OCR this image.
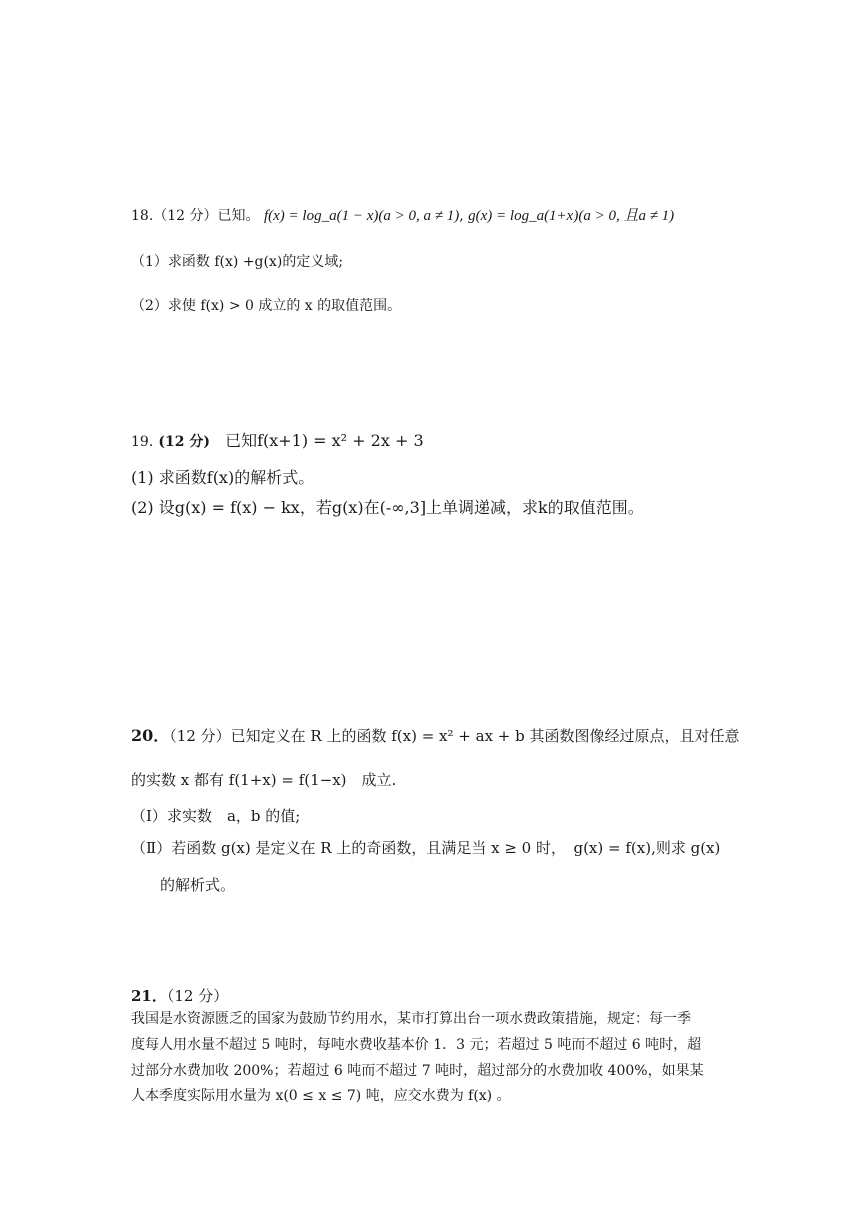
18.（12 分）已知。 f(x) = log_a(1 − x)(a > 0, a ≠ 1), g(x) = log_a(1+x)(a > 0, 且a ≠ 1)
（1）求函数 f(x) +g(x)的定义域;
（2）求使 f(x) > 0 成立的 x 的取值范围。
19. (12 分) 已知f(x+1) = x² + 2x + 3
(1) 求函数f(x)的解析式。
(2) 设g(x) = f(x) − kx，若g(x)在(-∞,3]上单调递减，求k的取值范围。
20．（12 分）已知定义在 R 上的函数 f(x) = x² + ax + b 其函数图像经过原点，且对任意
的实数 x 都有 f(1+x) = f(1−x)　成立.
（Ⅰ）求实数　a，b 的值;
（Ⅱ）若函数 g(x) 是定义在 R 上的奇函数，且满足当 x ≥ 0 时，　g(x) = f(x),则求 g(x)
的解析式。
21．（12 分）
我国是水资源匮乏的国家为鼓励节约用水，某市打算出台一项水费政策措施，规定：每一季
度每人用水量不超过 5 吨时，每吨水费收基本价 1．3 元；若超过 5 吨而不超过 6 吨时，超
过部分水费加收 200%；若超过 6 吨而不超过 7 吨时，超过部分的水费加收 400%，如果某
人本季度实际用水量为 x(0 ≤ x ≤ 7) 吨，应交水费为 f(x) 。
